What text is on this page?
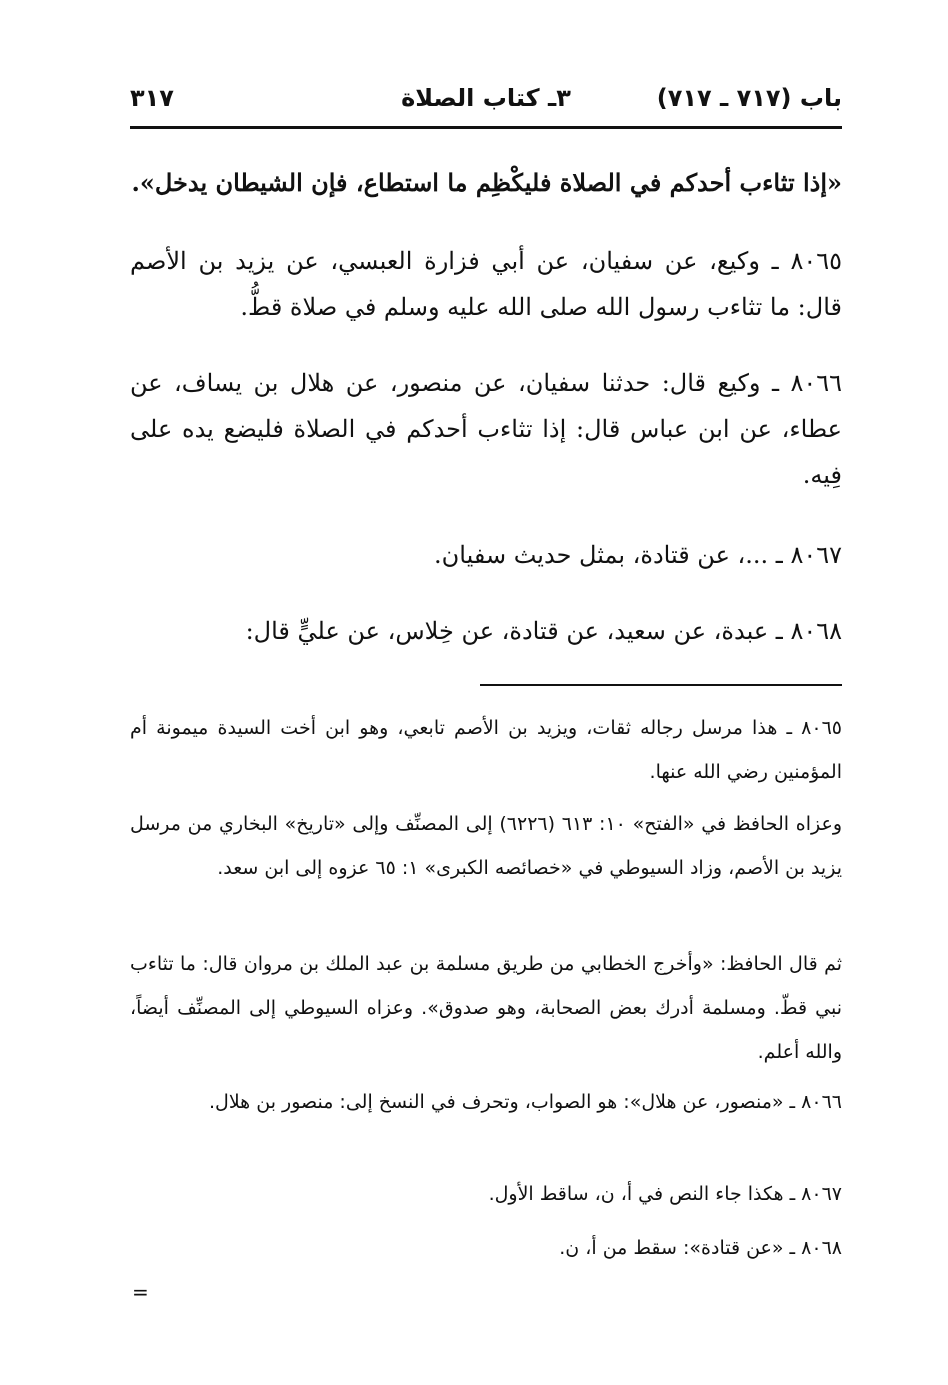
باب (٧١٧ ـ ٧١٧)
٣ـ كتاب الصلاة
٣١٧

«إذا تثاءب أحدكم في الصلاة فليكْظِم ما استطاع، فإن الشيطان يدخل».

٨٠٦٥ ـ وكيع، عن سفيان، عن أبي فزارة العبسي، عن يزيد بن الأصم قال: ما تثاءب رسول الله صلى الله عليه وسلم في صلاة قطُّ.

٨٠٦٦ ـ وكيع قال: حدثنا سفيان، عن منصور، عن هلال بن يساف، عن عطاء، عن ابن عباس قال: إذا تثاءب أحدكم في الصلاة فليضع يده على فِيه.

٨٠٦٧ ـ ...، عن قتادة، بمثل حديث سفيان.

٨٠٦٨ ـ عبدة، عن سعيد، عن قتادة، عن خِلاس، عن عليٍّ قال:

٨٠٦٥ ـ هذا مرسل رجاله ثقات، ويزيد بن الأصم تابعي، وهو ابن أخت السيدة ميمونة أم المؤمنين رضي الله عنها.

وعزاه الحافظ في «الفتح» ١٠: ٦١٣ (٦٢٢٦) إلى المصنِّف وإلى «تاريخ» البخاري من مرسل يزيد بن الأصم، وزاد السيوطي في «خصائصه الكبرى» ١: ٦٥ عزوه إلى ابن سعد.

ثم قال الحافظ: «وأخرج الخطابي من طريق مسلمة بن عبد الملك بن مروان قال: ما تثاءب نبي قطّ. ومسلمة أدرك بعض الصحابة، وهو صدوق». وعزاه السيوطي إلى المصنِّف أيضاً، والله أعلم.

٨٠٦٦ ـ «منصور، عن هلال»: هو الصواب، وتحرف في النسخ إلى: منصور بن هلال.

٨٠٦٧ ـ هكذا جاء النص في أ، ن، ساقط الأول.

٨٠٦٨ ـ «عن قتادة»: سقط من أ، ن.

=
